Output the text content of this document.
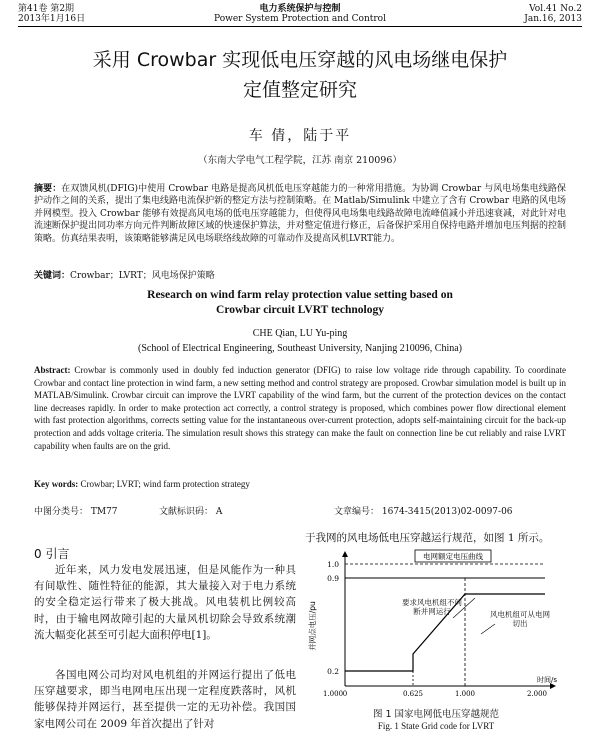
第41卷 第2期
2013年1月16日
电力系统保护与控制
Power System Protection and Control
Vol.41 No.2
Jan.16, 2013
采用 Crowbar 实现低电压穿越的风电场继电保护
定值整定研究
车 倩，陆于平
（东南大学电气工程学院，江苏 南京 210096）
摘要：在双馈风机(DFIG)中使用 Crowbar 电路是提高风机低电压穿越能力的一种常用措施。为协调 Crowbar 与风电场集电线路保护动作之间的关系，提出了集电线路电流保护新的整定方法与控制策略。在 Matlab/Simulink 中建立了含有 Crowbar 电路的风电场并网模型。投入 Crowbar 能够有效提高风电场的低电压穿越能力，但使得风电场集电线路故障电流峰值减小并迅速衰减，对此针对电流速断保护提出同功率方向元件判断故障区域的快速保护算法，并对整定值进行修正，后备保护采用自保持电路并增加电压判据的控制策略。仿真结果表明，该策略能够满足风电场联络线故障的可靠动作及提高风机LVRT能力。
关键词：Crowbar；LVRT；风电场保护策略
Research on wind farm relay protection value setting based on
Crowbar circuit LVRT technology
CHE Qian, LU Yu-ping
(School of Electrical Engineering, Southeast University, Nanjing 210096, China)
Abstract: Crowbar is commonly used in doubly fed induction generator (DFIG) to raise low voltage ride through capability. To coordinate Crowbar and contact line protection in wind farm, a new setting method and control strategy are proposed. Crowbar simulation model is built up in MATLAB/Simulink. Crowbar circuit can improve the LVRT capability of the wind farm, but the current of the protection devices on the contact line decreases rapidly. In order to make protection act correctly, a control strategy is proposed, which combines power flow directional element with fast protection algorithms, corrects setting value for the instantaneous over-current protection, adopts self-maintaining circuit for the back-up protection and adds voltage criteria. The simulation result shows this strategy can make the fault on connection line be cut reliably and raise LVRT capability when faults are on the grid.
Key words: Crowbar; LVRT; wind farm protection strategy
中图分类号： TM77	文献标识码： A	文章编号： 1674-3415(2013)02-0097-06
0 引言
近年来，风力发电发展迅速，但是风能作为一种具有间歇性、随性特征的能源，其大量接入对于电力系统的安全稳定运行带来了极大挑战。风电装机比例较高时，由于输电网故障引起的大量风机切除会导致系统潮流大幅变化甚至可引起大面积停电[1]。
各国电网公司均对风电机组的并网运行提出了低电压穿越要求，即当电网电压出现一定程度跌落时，风机能够保持并网运行，甚至提供一定的无功补偿。我国国家电网公司在 2009 年首次提出了针对
于我网的风电场低电压穿越运行规范，如图 1 所示。
电网额定电压曲线
要求风电机组不间断并网运行	风电机组可从电网切出
1.0
0.9
0.2
并网点电压/pu
1.000 0	0.625	1.000	2.000
时间/s
图 1 国家电网低电压穿越规范
Fig. 1 State Grid code for LVRT
